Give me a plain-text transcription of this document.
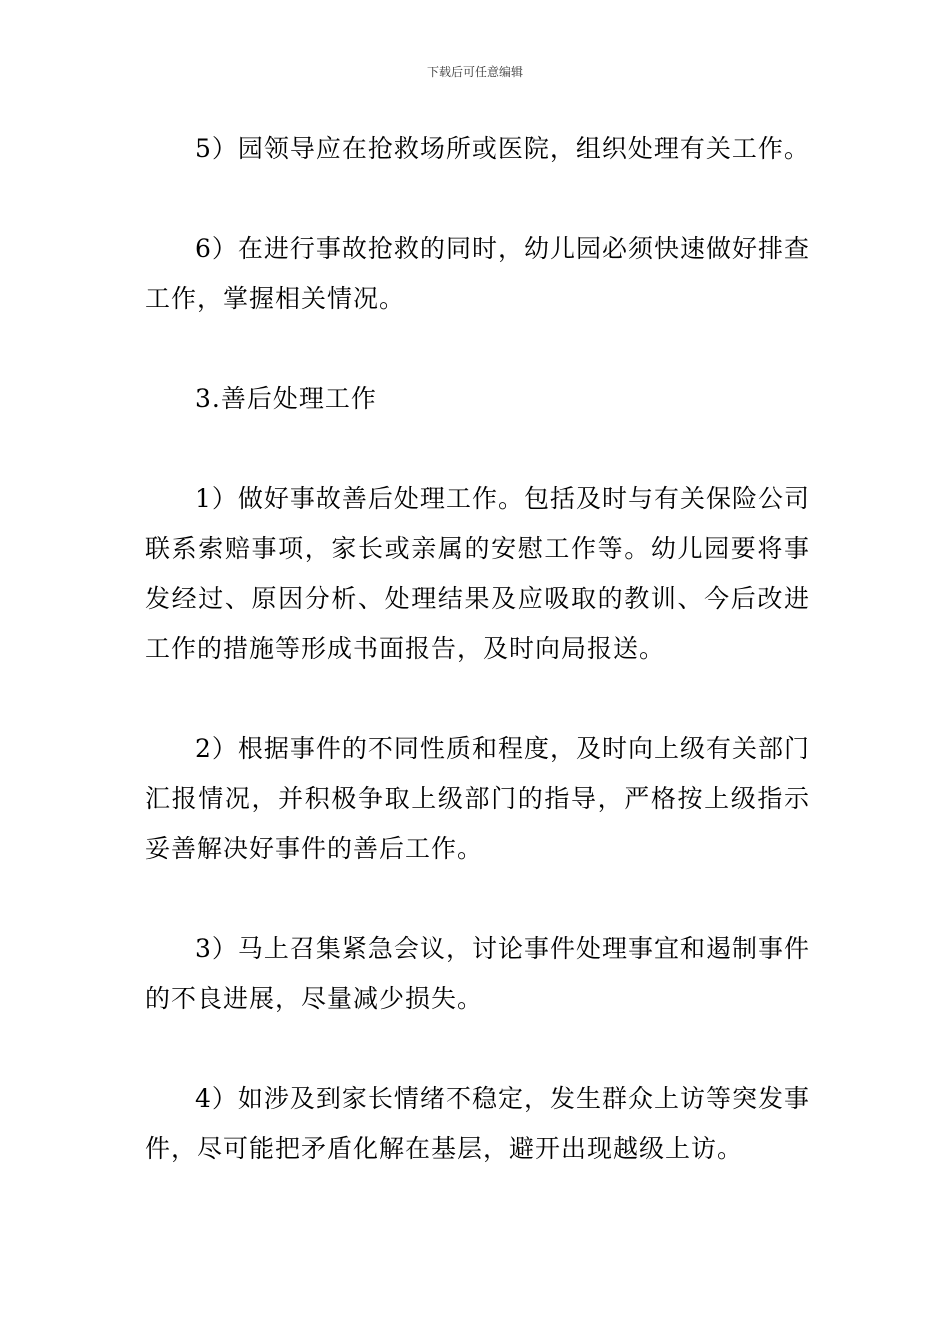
下载后可任意编辑

5）园领导应在抢救场所或医院，组织处理有关工作。

6）在进行事故抢救的同时，幼儿园必须快速做好排查工作，掌握相关情况。

3.善后处理工作

1）做好事故善后处理工作。包括及时与有关保险公司联系索赔事项，家长或亲属的安慰工作等。幼儿园要将事发经过、原因分析、处理结果及应吸取的教训、今后改进工作的措施等形成书面报告，及时向局报送。

2）根据事件的不同性质和程度，及时向上级有关部门汇报情况，并积极争取上级部门的指导，严格按上级指示妥善解决好事件的善后工作。

3）马上召集紧急会议，讨论事件处理事宜和遏制事件的不良进展，尽量减少损失。

4）如涉及到家长情绪不稳定，发生群众上访等突发事件，尽可能把矛盾化解在基层，避开出现越级上访。
